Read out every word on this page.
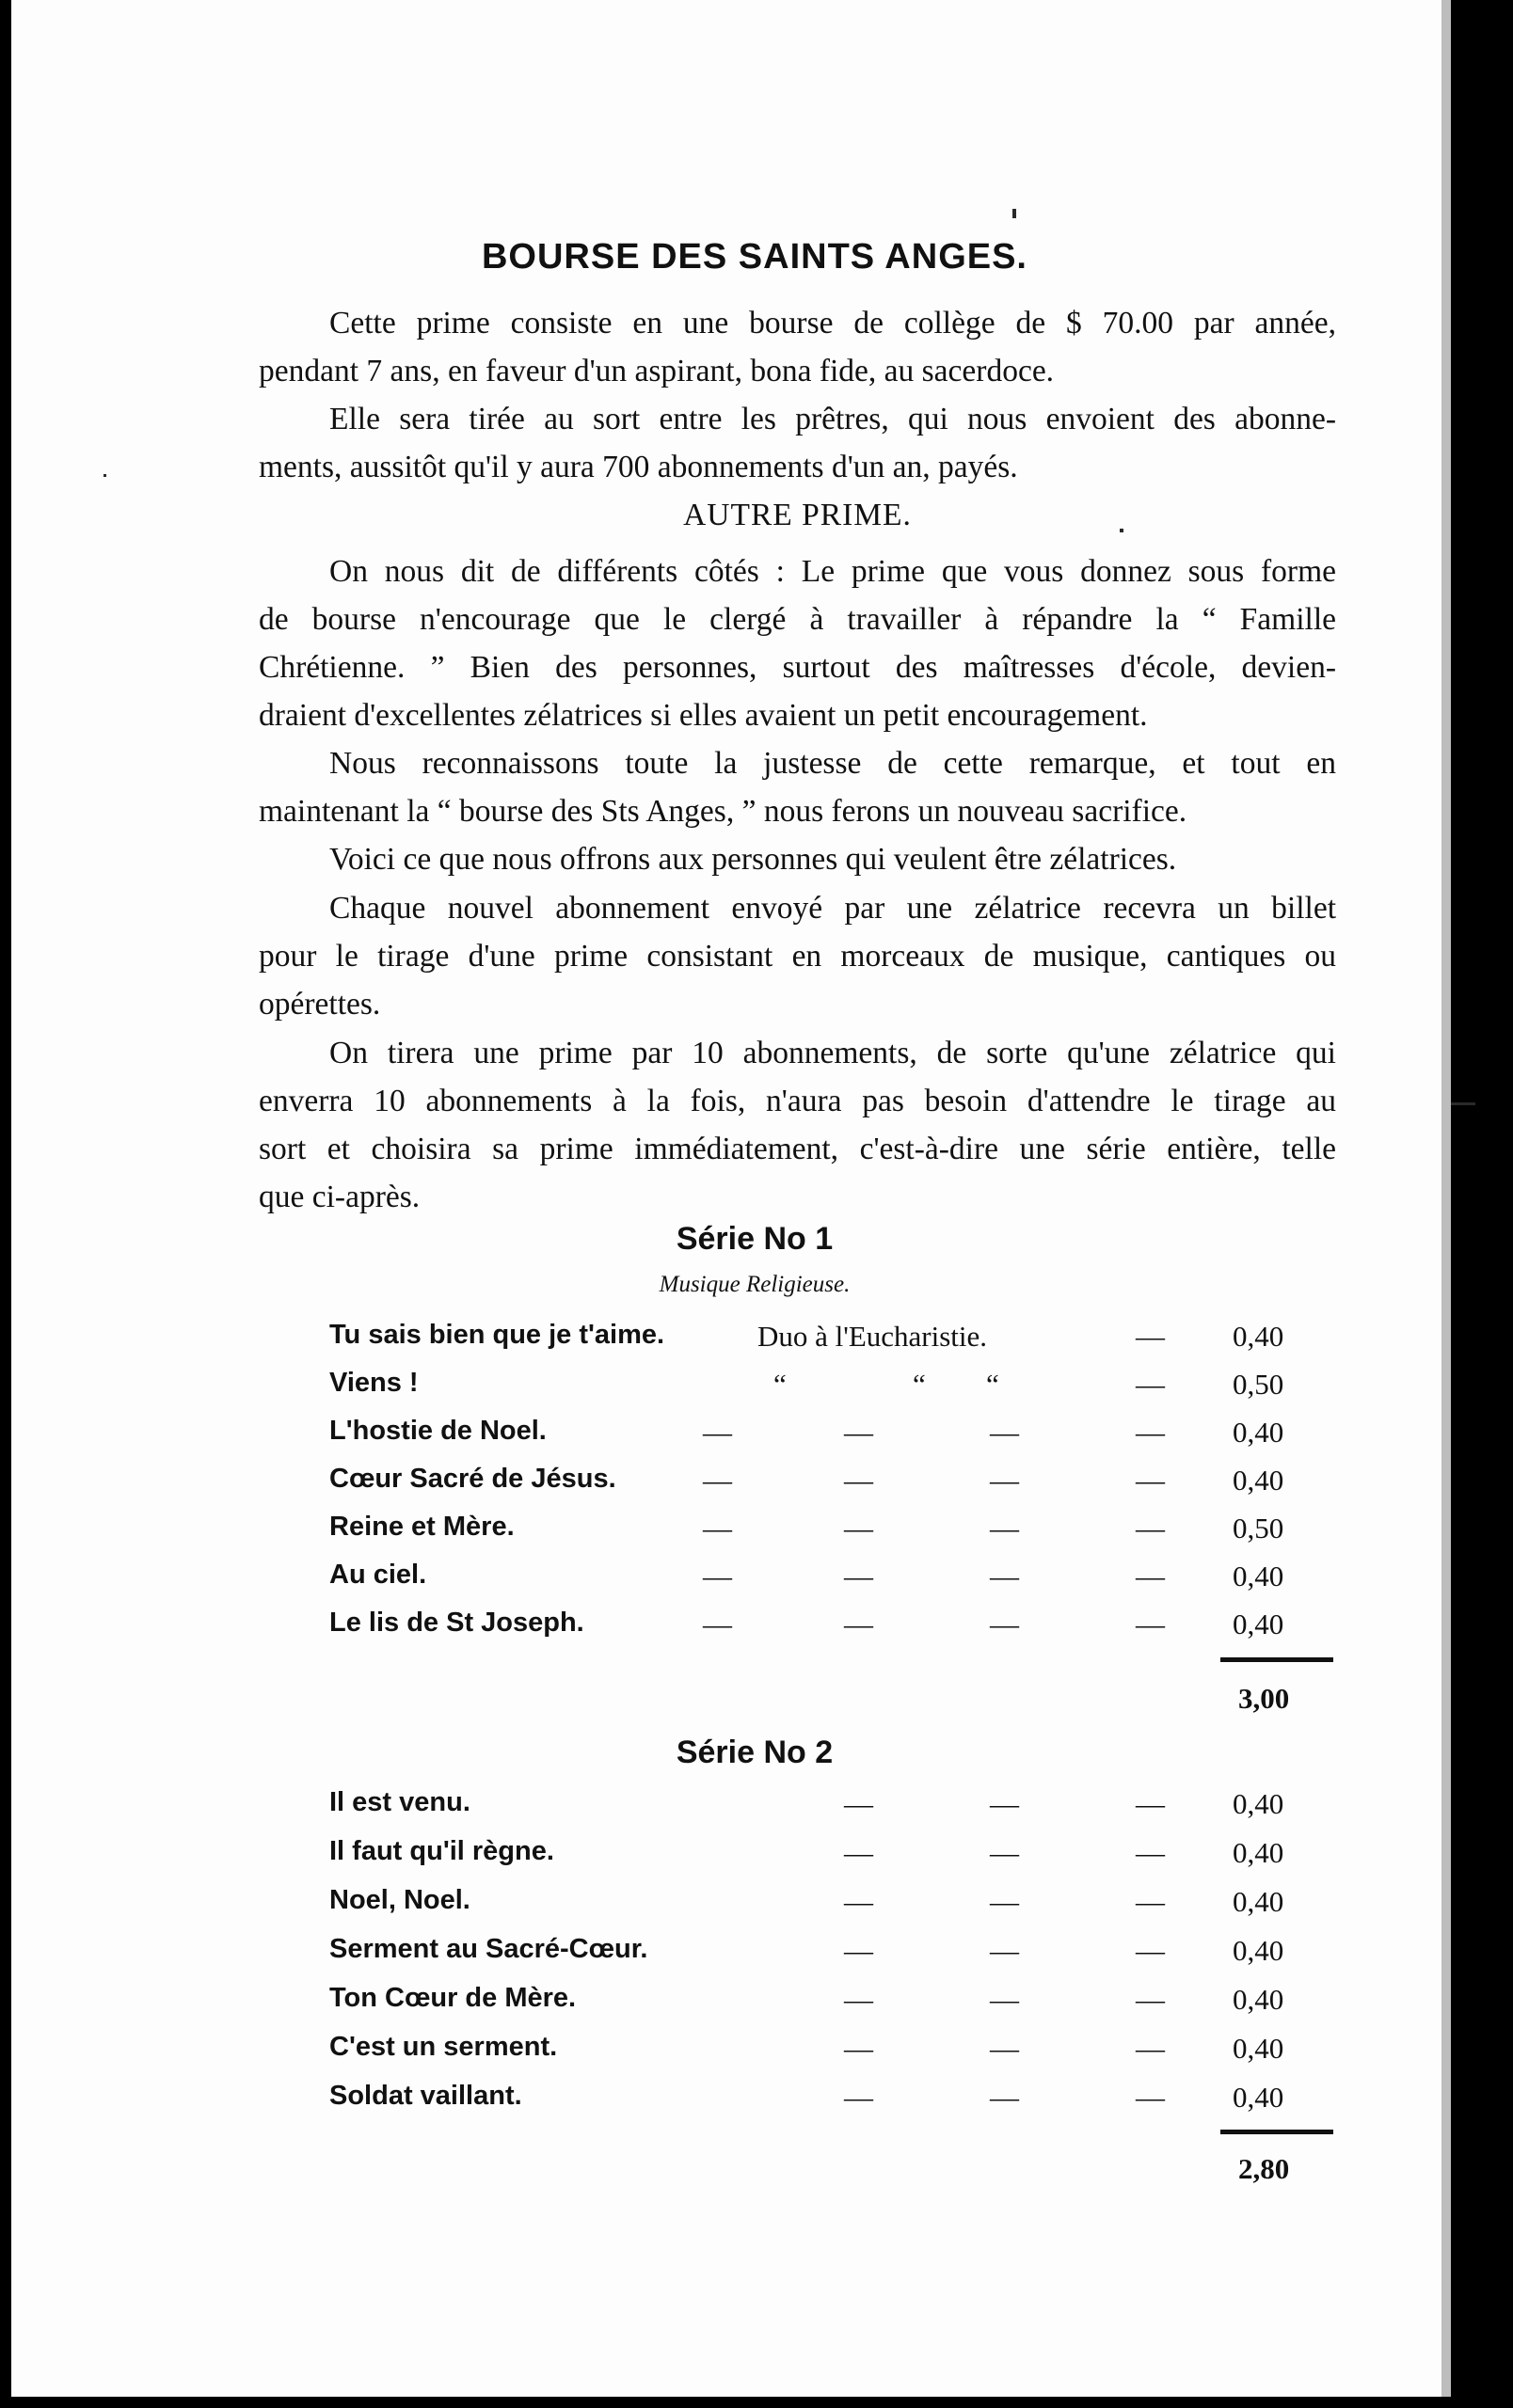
BOURSE DES SAINTS ANGES.
Cette prime consiste en une bourse de collège de $ 70.00 par année,
pendant 7 ans, en faveur d'un aspirant, bona fide, au sacerdoce.
Elle sera tirée au sort entre les prêtres, qui nous envoient des abonne-
ments, aussitôt qu'il y aura 700 abonnements d'un an, payés.
AUTRE PRIME.
On nous dit de différents côtés : Le prime que vous donnez sous forme
de bourse n'encourage que le clergé à travailler à répandre la “ Famille
Chrétienne. ” Bien des personnes, surtout des maîtresses d'école, devien-
draient d'excellentes zélatrices si elles avaient un petit encouragement.
Nous reconnaissons toute la justesse de cette remarque, et tout en
maintenant la “ bourse des Sts Anges, ” nous ferons un nouveau sacrifice.
Voici ce que nous offrons aux personnes qui veulent être zélatrices.
Chaque nouvel abonnement envoyé par une zélatrice recevra un billet
pour le tirage d'une prime consistant en morceaux de musique, cantiques ou
opérettes.
On tirera une prime par 10 abonnements, de sorte qu'une zélatrice qui
enverra 10 abonnements à la fois, n'aura pas besoin d'attendre le tirage au
sort et choisira sa prime immédiatement, c'est-à-dire une série entière, telle
que ci-après.
Série No 1
Musique Religieuse.
Tu sais bien que je t'aime.	Duo à l'Eucharistie.	— 0,40
Viens !	“	“ “	— 0,50
L'hostie de Noel.	—	—	—	— 0,40
Cœur Sacré de Jésus.	—	—	—	— 0,40
Reine et Mère.	—	—	—	— 0,50
Au ciel.	—	—	—	— 0,40
Le lis de St Joseph.	—	—	—	— 0,40
3,00
Série No 2
Il est venu.	—	—	— 0,40
Il faut qu'il règne.	—	—	— 0,40
Noel, Noel.	—	—	— 0,40
Serment au Sacré-Cœur.	—	—	— 0,40
Ton Cœur de Mère.	—	—	— 0,40
C'est un serment.	—	—	— 0,40
Soldat vaillant.	—	—	— 0,40
2,80
